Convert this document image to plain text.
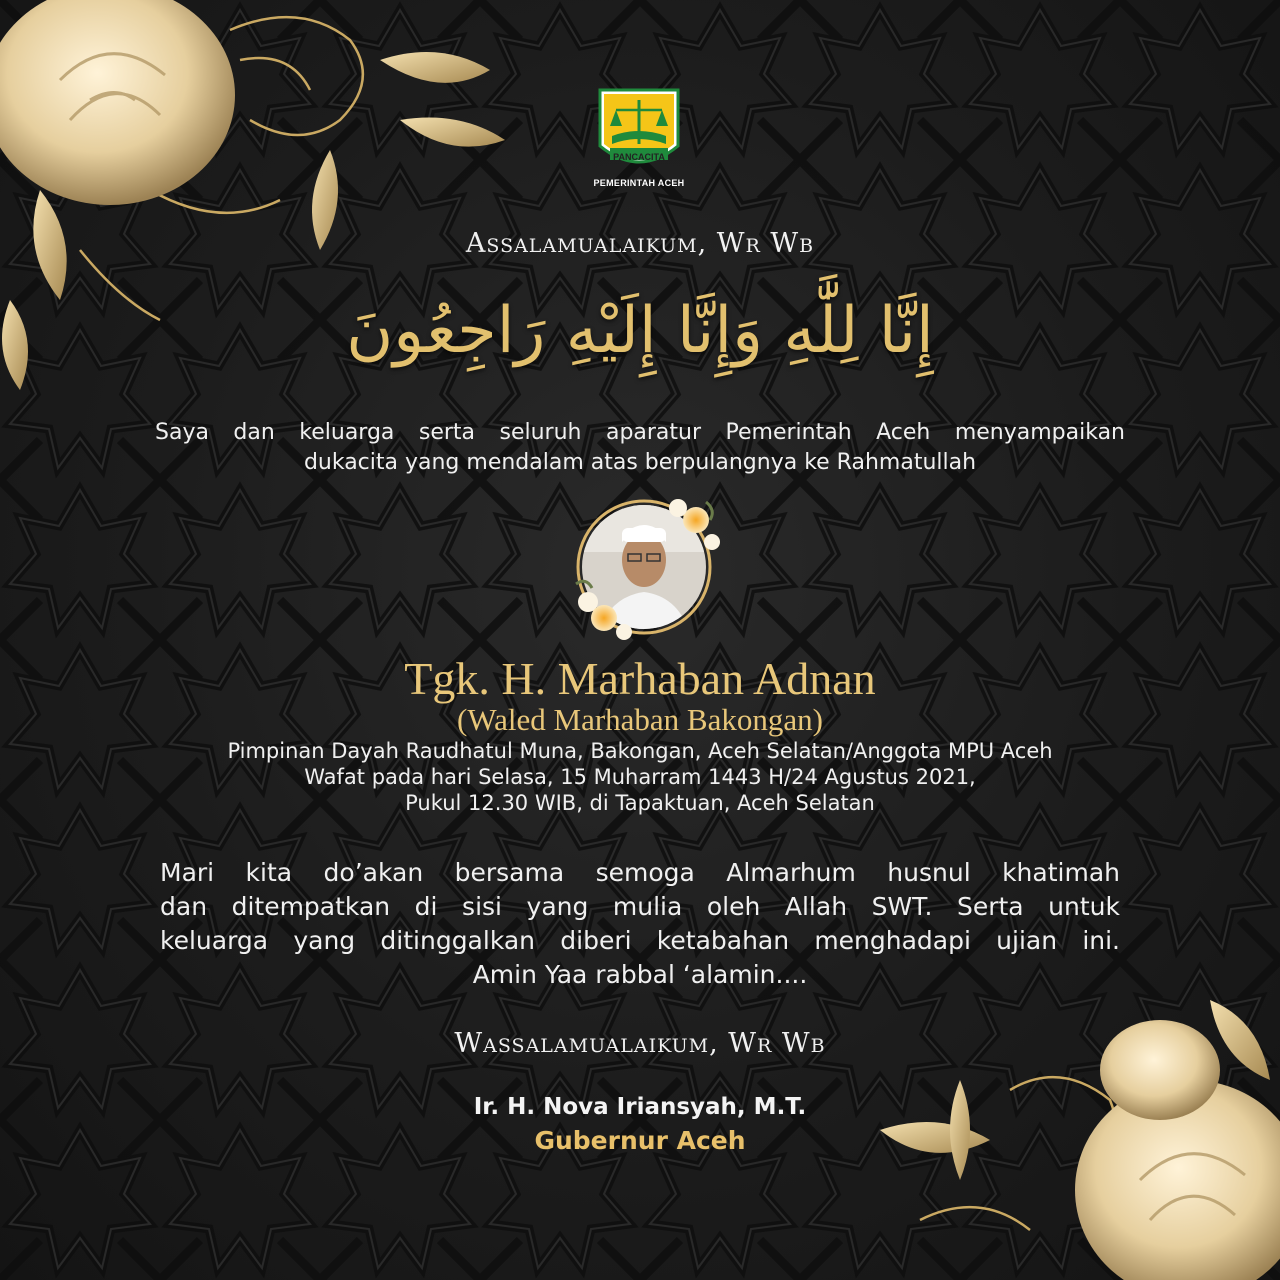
PANCACITA
PEMERINTAH ACEH
Assalamualaikum, Wr Wb
إِنَّا لِلَّٰهِ وَإِنَّا إِلَيْهِ رَاجِعُونَ
Saya dan keluarga serta seluruh aparatur Pemerintah Aceh menyampaikan
dukacita yang mendalam atas berpulangnya ke Rahmatullah
Tgk. H. Marhaban Adnan
(Waled Marhaban Bakongan)
Pimpinan Dayah Raudhatul Muna, Bakongan, Aceh Selatan/Anggota MPU Aceh
Wafat pada hari Selasa, 15 Muharram 1443 H/24 Agustus 2021,
Pukul 12.30 WIB, di Tapaktuan, Aceh Selatan
Mari kita do’akan bersama semoga Almarhum husnul khatimah
dan ditempatkan di sisi yang mulia oleh Allah SWT. Serta untuk
keluarga yang ditinggalkan diberi ketabahan menghadapi ujian ini.
Amin Yaa rabbal ‘alamin....
Wassalamualaikum, Wr Wb
Ir. H. Nova Iriansyah, M.T.
Gubernur Aceh
